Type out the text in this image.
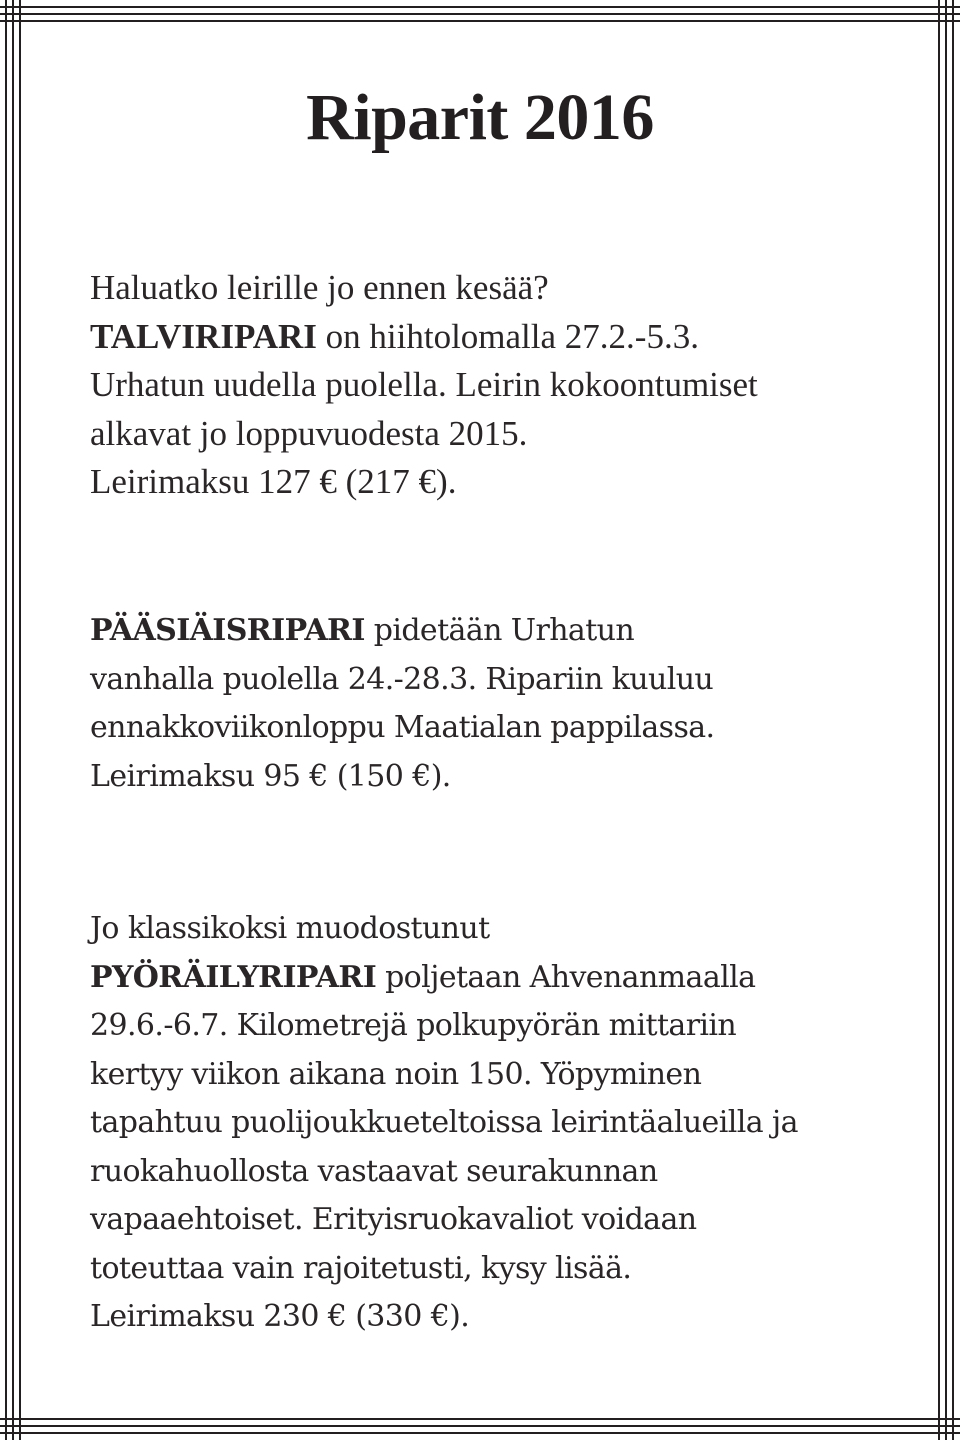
Riparit 2016
Haluatko leirille jo ennen kesää?
TALVIRIPARI on hiihtolomalla 27.2.-5.3.
Urhatun uudella puolella. Leirin kokoontumiset
alkavat jo loppuvuodesta 2015.
Leirimaksu 127 € (217 €).
PÄÄSIÄISRIPARI pidetään Urhatun
vanhalla puolella 24.-28.3. Ripariin kuuluu
ennakkoviikonloppu Maatialan pappilassa.
Leirimaksu 95 € (150 €).
Jo klassikoksi muodostunut
PYÖRÄILYRIPARI poljetaan Ahvenanmaalla
29.6.-6.7. Kilometrejä polkupyörän mittariin
kertyy viikon aikana noin 150. Yöpyminen
tapahtuu puolijoukkueteltoissa leirintäalueilla ja
ruokahuollosta vastaavat seurakunnan
vapaaehtoiset. Erityisruokavaliot voidaan
toteuttaa vain rajoitetusti, kysy lisää.
Leirimaksu 230 € (330 €).
